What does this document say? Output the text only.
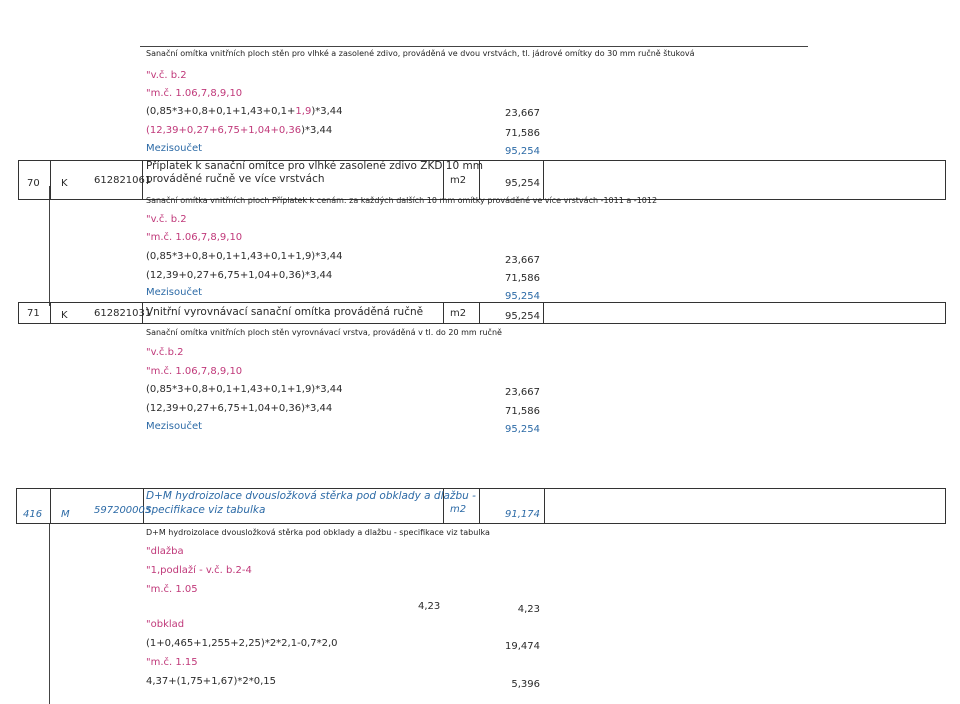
Sanační omítka vnitřních ploch stěn pro vlhké a zasolené zdivo, prováděná ve dvou vrstvách, tl. jádrové omítky do 30 mm ručně štuková
"v.č. b.2
"m.č. 1.06,7,8,9,10
(0,85*3+0,8+0,1+1,43+0,1+1,9)*3,44	23,667
(12,39+0,27+6,75+1,04+0,36)*3,44	71,586
Mezisoučet	95,254
70 K	612821061
Příplatek k sanační omítce pro vlhké zasolené zdivo ZKD 10 mm
prováděné ručně ve více vrstvách	m2	95,254
Sanační omítka vnitřních ploch Příplatek k cenám: za každých dalších 10 mm omítky prováděné ve více vrstvách -1011 a -1012
"v.č. b.2
"m.č. 1.06,7,8,9,10
(0,85*3+0,8+0,1+1,43+0,1+1,9)*3,44	23,667
(12,39+0,27+6,75+1,04+0,36)*3,44	71,586
Mezisoučet	95,254
71 K	612821031
Vnitřní vyrovnávací sanační omítka prováděná ručně	m2	95,254
Sanační omítka vnitřních ploch stěn vyrovnávací vrstva, prováděná v tl. do 20 mm ručně
"v.č.b.2
"m.č. 1.06,7,8,9,10
(0,85*3+0,8+0,1+1,43+0,1+1,9)*3,44	23,667
(12,39+0,27+6,75+1,04+0,36)*3,44	71,586
Mezisoučet	95,254
416 M 597200005
D+M hydroizolace dvousložková stěrka pod obklady a dlažbu -
specifikace viz tabulka	m2	91,174
D+M hydroizolace dvousložková stěrka pod obklady a dlažbu - specifikace viz tabulka
"dlažba
"1,podlaží - v.č. b.2-4
"m.č. 1.05
4,23	4,23
"obklad
(1+0,465+1,255+2,25)*2*2,1-0,7*2,0	19,474
"m.č. 1.15
4,37+(1,75+1,67)*2*0,15	5,396
